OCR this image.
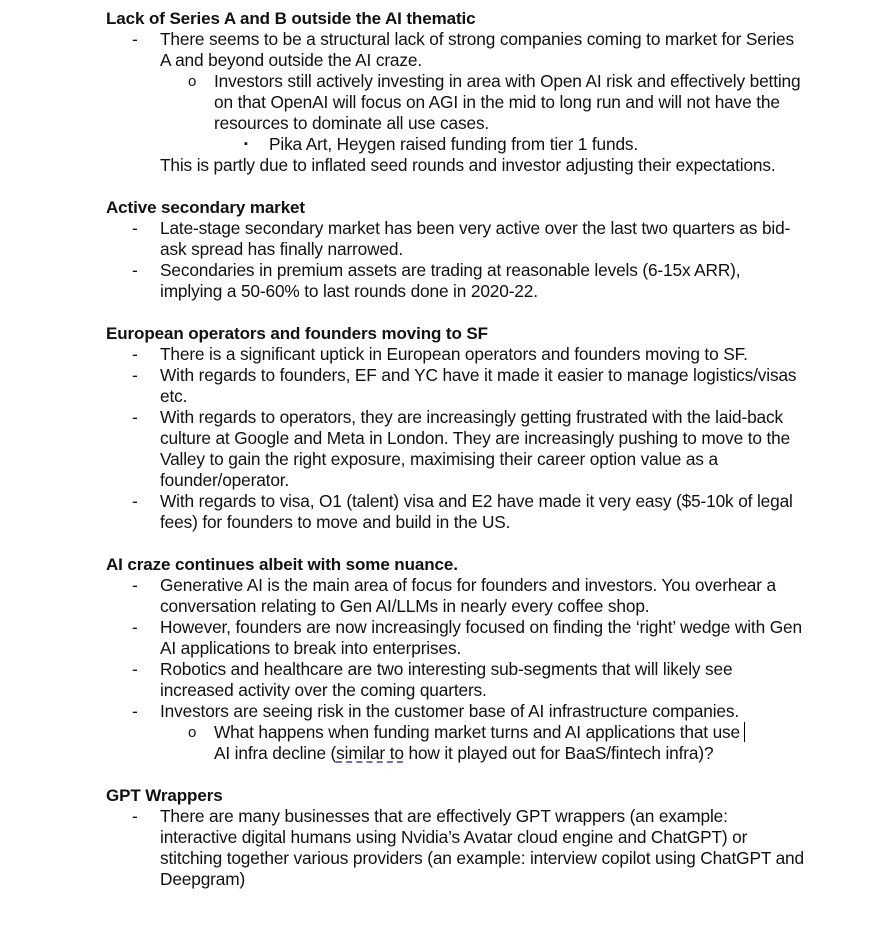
Lack of Series A and B outside the AI thematic

- There seems to be a structural lack of strong companies coming to market for Series A and beyond outside the AI craze.
o Investors still actively investing in area with Open AI risk and effectively betting on that OpenAI will focus on AGI in the mid to long run and will not have the resources to dominate all use cases.
▪ Pika Art, Heygen raised funding from tier 1 funds.
This is partly due to inflated seed rounds and investor adjusting their expectations.

Active secondary market

- Late-stage secondary market has been very active over the last two quarters as bid-ask spread has finally narrowed.
- Secondaries in premium assets are trading at reasonable levels (6-15x ARR), implying a 50-60% to last rounds done in 2020-22.

European operators and founders moving to SF

- There is a significant uptick in European operators and founders moving to SF.
- With regards to founders, EF and YC have it made it easier to manage logistics/visas etc.
- With regards to operators, they are increasingly getting frustrated with the laid-back culture at Google and Meta in London. They are increasingly pushing to move to the Valley to gain the right exposure, maximising their career option value as a founder/operator.
- With regards to visa, O1 (talent) visa and E2 have made it very easy ($5-10k of legal fees) for founders to move and build in the US.

AI craze continues albeit with some nuance.

- Generative AI is the main area of focus for founders and investors. You overhear a conversation relating to Gen AI/LLMs in nearly every coffee shop.
- However, founders are now increasingly focused on finding the ‘right’ wedge with Gen AI applications to break into enterprises.
- Robotics and healthcare are two interesting sub-segments that will likely see increased activity over the coming quarters.
- Investors are seeing risk in the customer base of AI infrastructure companies.
o What happens when funding market turns and AI applications that use
AI infra decline (similar to how it played out for BaaS/fintech infra)?

GPT Wrappers

- There are many businesses that are effectively GPT wrappers (an example: interactive digital humans using Nvidia’s Avatar cloud engine and ChatGPT) or stitching together various providers (an example: interview copilot using ChatGPT and Deepgram)
